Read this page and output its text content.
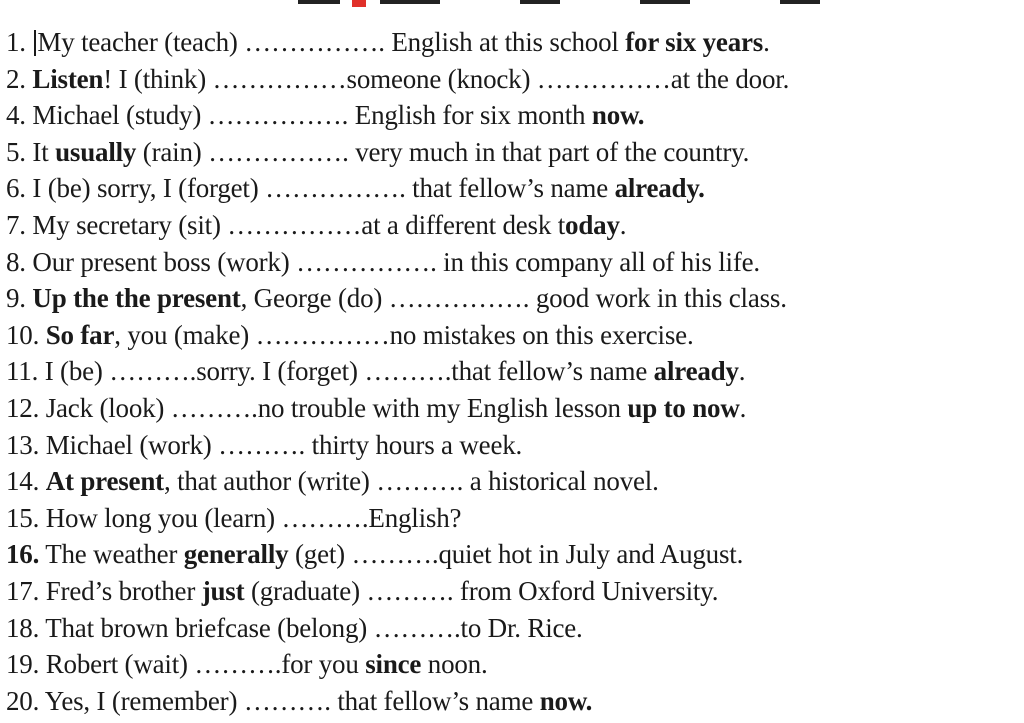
1. My teacher (teach) ……………. English at this school for six years.
2. Listen! I (think) ……………someone (knock) ……………at the door.
4. Michael (study) ……………. English for six month now.
5. It usually (rain) ……………. very much in that part of the country.
6. I (be) sorry, I (forget) ……………. that fellow’s name already.
7. My secretary (sit) ……………at a different desk today.
8. Our present boss (work) ……………. in this company all of his life.
9. Up the the present, George (do) ……………. good work in this class.
10. So far, you (make) ……………no mistakes on this exercise.
11. I (be) ……….sorry. I (forget) ……….that fellow’s name already.
12. Jack (look) ……….no trouble with my English lesson up to now.
13. Michael (work) ………. thirty hours a week.
14. At present, that author (write) ………. a historical novel.
15. How long you (learn) ……….English?
16. The weather generally (get) ……….quiet hot in July and August.
17. Fred’s brother just (graduate) ………. from Oxford University.
18. That brown briefcase (belong) ……….to Dr. Rice.
19. Robert (wait) ……….for you since noon.
20. Yes, I (remember) ………. that fellow’s name now.
